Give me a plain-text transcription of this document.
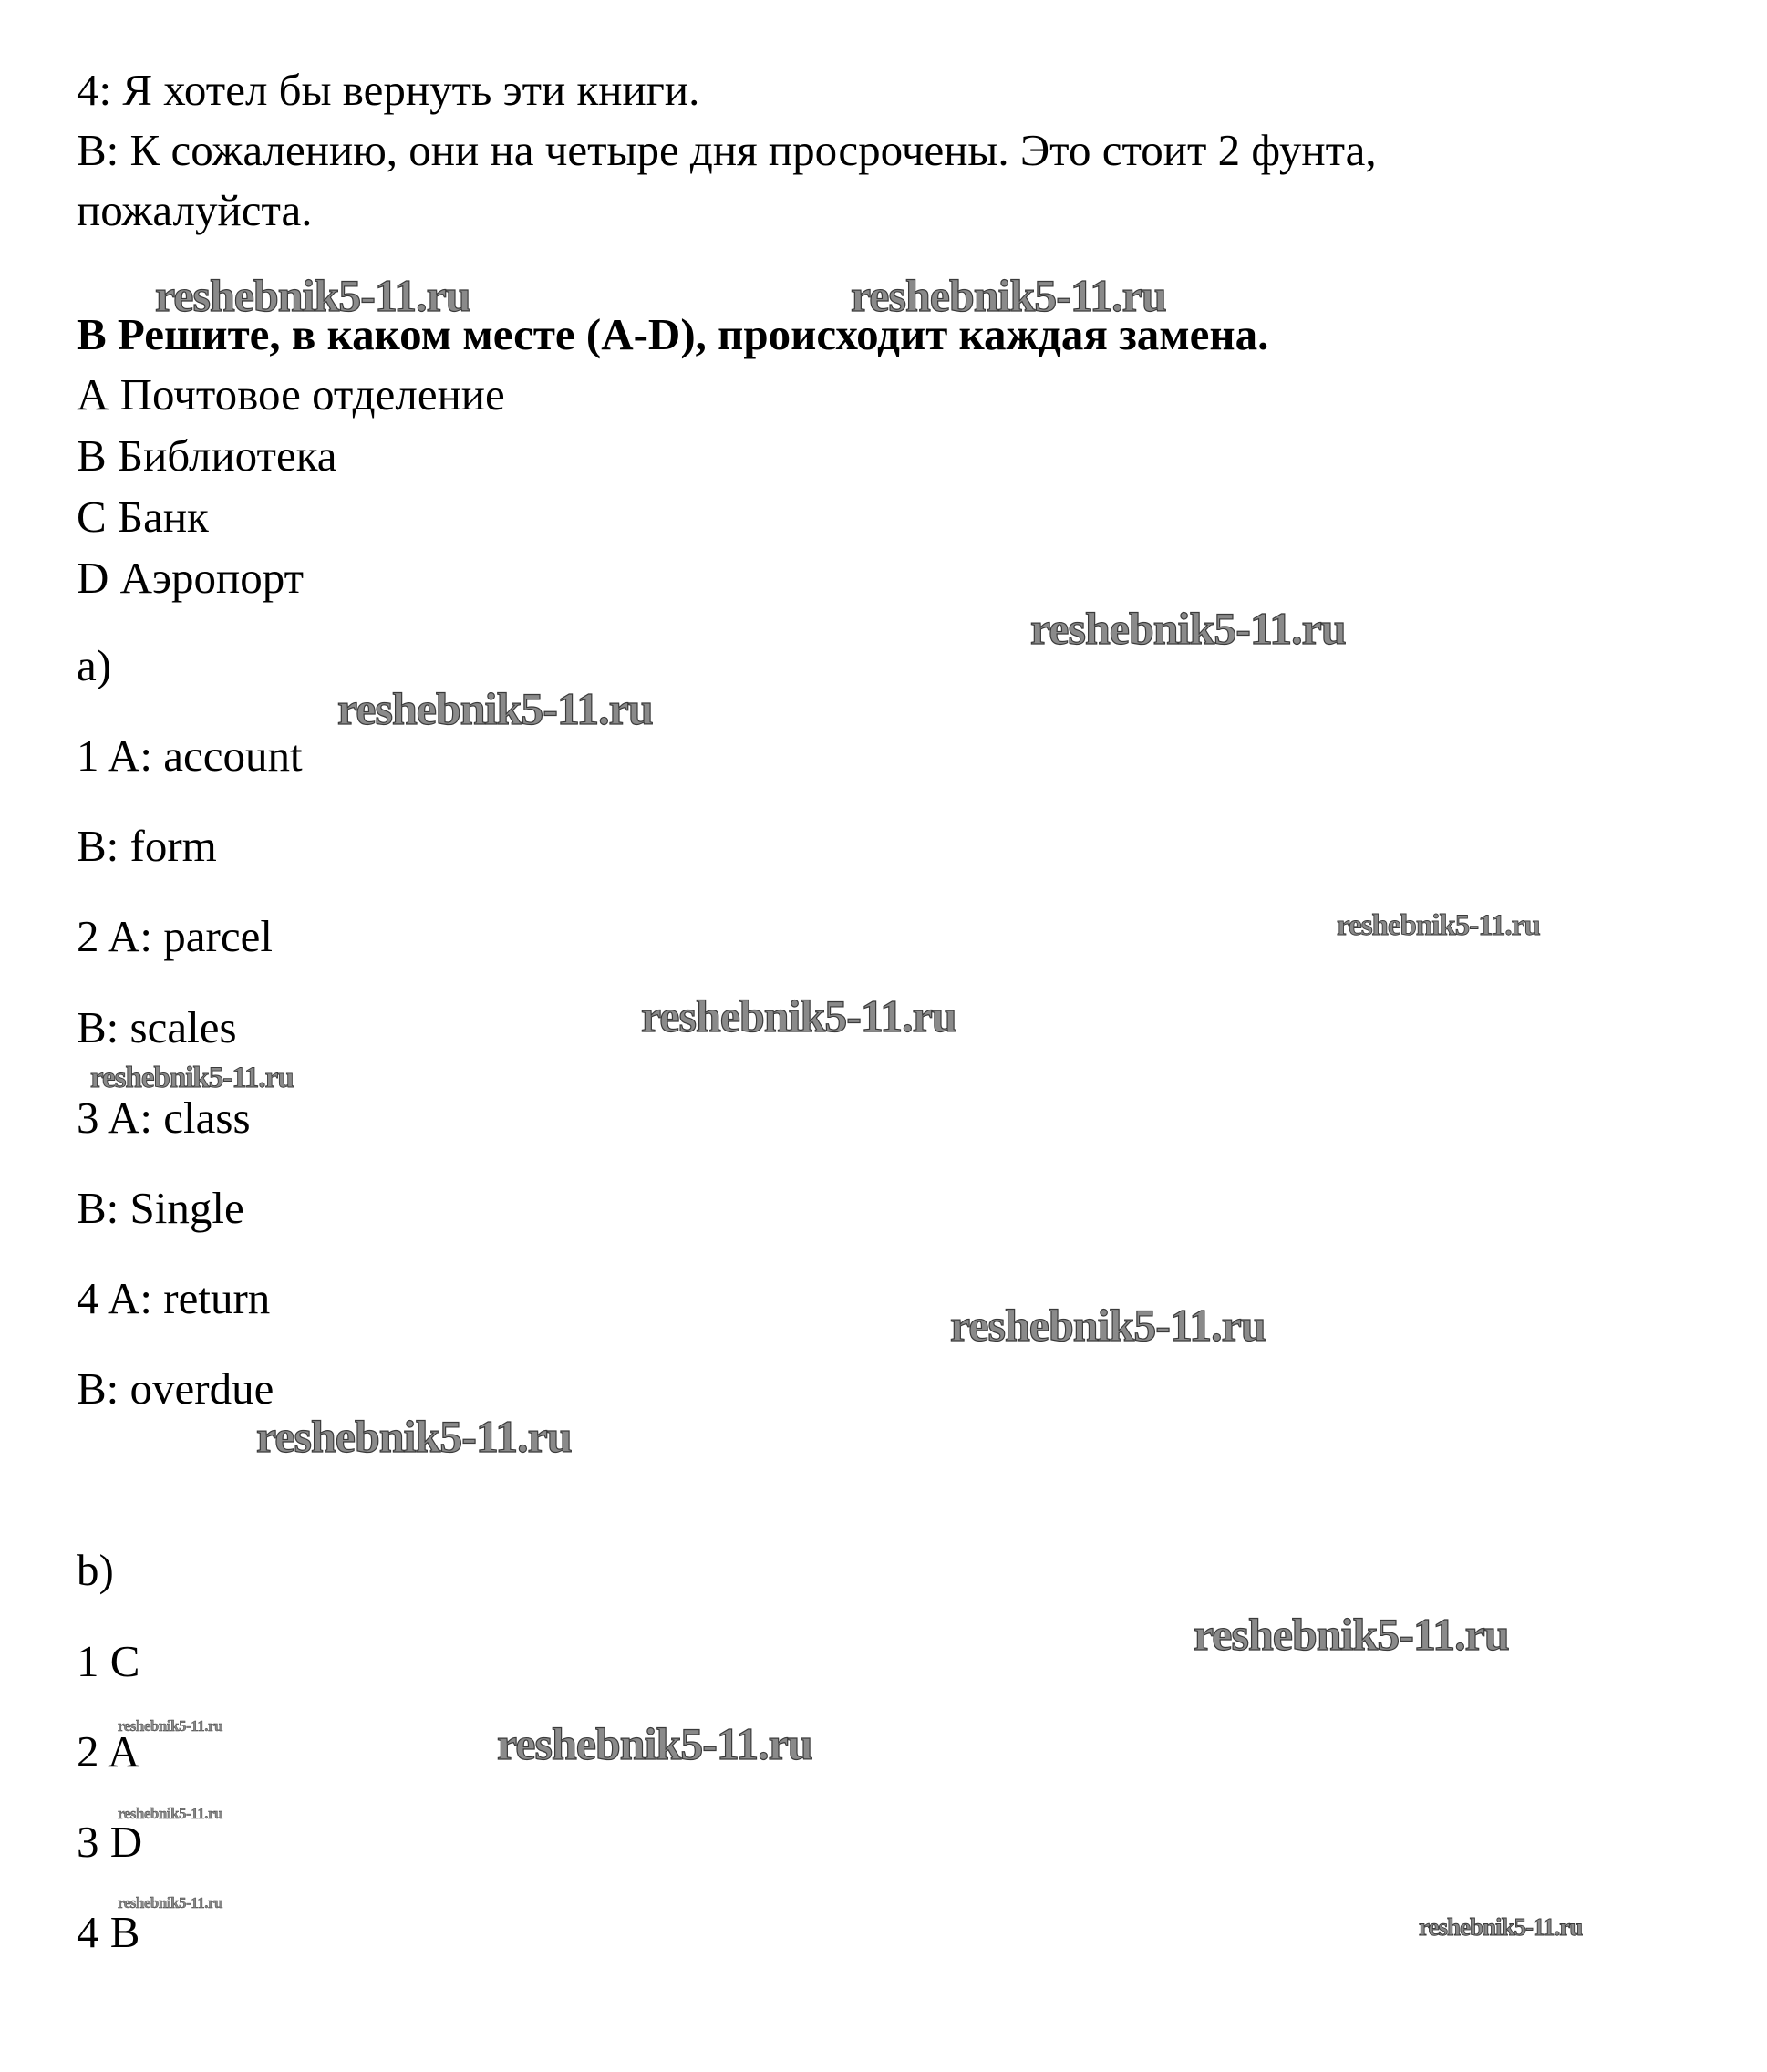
4: Я хотел бы вернуть эти книги.
В: К сожалению, они на четыре дня просрочены. Это стоит 2 фунта,
пожалуйста.
B Решите, в каком месте (A-D), происходит каждая замена.
А Почтовое отделение
В Библиотека
С Банк
D Аэропорт
a)
1 A: account
B: form
2 A: parcel
B: scales
3 A: class
B: Single
4 A: return
B: overdue
b)
1 C
2 A
3 D
4 B
reshebnik5-11.ru	reshebnik5-11.ru
reshebnik5-11.ru
reshebnik5-11.ru
reshebnik5-11.ru
reshebnik5-11.ru
reshebnik5-11.ru
reshebnik5-11.ru
reshebnik5-11.ru
reshebnik5-11.ru
reshebnik5-11.ru	reshebnik5-11.ru
reshebnik5-11.ru
reshebnik5-11.ru
reshebnik5-11.ru
